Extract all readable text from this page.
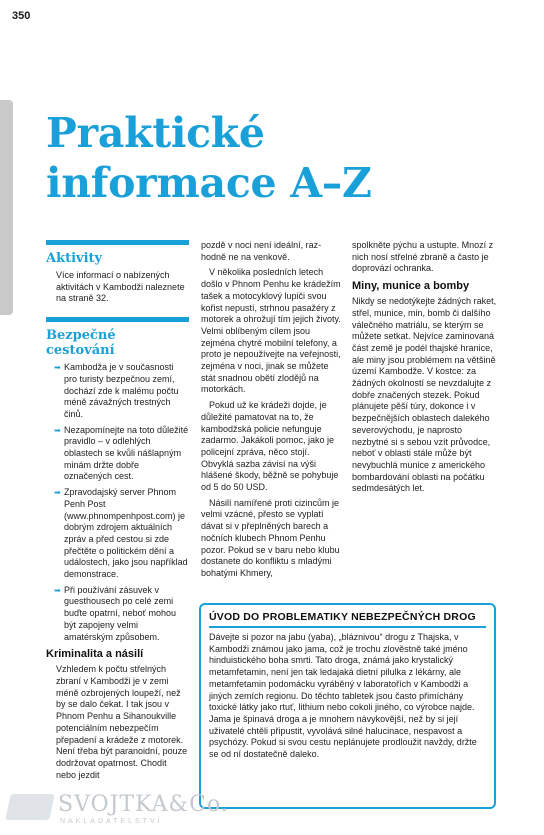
350
Praktické
informace A–Z
Aktivity
Více informací o nabízených aktivitách v Kambodži naleznete na straně 32.
Bezpečné
cestování
➡ Kambodža je v současnosti pro turisty bezpečnou zemí, dochází zde k malému počtu méně závažných trestných činů.
➡ Nezapomínejte na toto důležité pravidlo – v odlehlých oblastech se kvůli nášlapným minám držte dobře označených cest.
➡ Zpravodajský server Phnom Penh Post (www.phnompenhpost.com) je dobrým zdrojem aktuálních zpráv a před cestou si zde přečtěte o politickém dění a událostech, jako jsou například demonstrace.
➡ Při používání zásuvek v guesthousech po celé zemi buďte opatrní, neboť mohou být zapojeny velmi amatérským způsobem.
Kriminalita a násilí
Vzhledem k počtu střelných zbraní v Kambodži je v zemi méně ozbrojených loupeží, než by se dalo čekat. I tak jsou v Phnom Penhu a Sihanoukville potenciálním nebezpečím přepadení a krádeže z motorek. Není třeba být paranoidní, pouze dodržovat opatrnost. Chodit nebo jezdit
pozdě v noci není ideální, raz-hodně ne na venkově.
V několika posledních letech došlo v Phnom Penhu ke krádežím tašek a motocyklový lupiči svou kořist nepustí, strhnou pasažéry z motorek a ohrožují tím jejich životy. Velmi oblíbeným cílem jsou zejména chytré mobilní telefony, a proto je nepoužívejte na veřejnosti, zejména v noci, jinak se můžete stát snadnou obětí zlodějů na motorkách.
Pokud už ke krádeži dojde, je důležité pamatovat na to, že kambodžská policie nefunguje zadarmo. Jakákoli pomoc, jako je policejní zpráva, něco stojí. Obvyklá sazba závisí na výši hlášené škody, běžně se pohybuje od 5 do 50 USD.
Násilí namířené proti cizincům je velmi vzácné, přesto se vyplatí dávat si v přeplněných barech a nočních klubech Phnom Penhu pozor. Pokud se v baru nebo klubu dostanete do konfliktu s mladými bohatými Khmery,
spolkněte pýchu a ustupte. Mnozí z nich nosí střelné zbraně a často je doprovází ochranka.
Miny, munice a bomby
Nikdy se nedotýkejte žádných raket, střel, munice, min, bomb či dalšího válečného matriálu, se kterým se můžete setkat. Nejvíce zaminovaná část země je podél thajské hranice, ale miny jsou problémem na většině území Kambodže. V kostce: za žádných okolností se nevzdalujte z dobře značených stezek. Pokud plánujete pěší túry, dokonce i v bezpečnějších oblastech dalekého severovýchodu, je naprosto nezbytné si s sebou vzít průvodce, neboť v oblasti stále může být nevybuchlá munice z amerického bombardování oblasti na počátku sedmdesátých let.
ÚVOD DO PROBLEMATIKY NEBEZPEČNÝCH DROG
Dávejte si pozor na jabu (yaba), „bláznivou“ drogu z Thajska, v Kambodži známou jako jama, což je trochu zlověstně také jméno hinduistického boha smrti. Tato droga, známá jako krystalický metamfetamin, není jen tak ledajaká dietní pilulka z lékárny, ale metamfetamin podomácku vyráběný v laboratořích v Kambodži a jiných zemích regionu. Do těchto tabletek jsou často přimíchány toxické látky jako rtuť, lithium nebo cokoli jiného, co výrobce najde. Jama je špinavá droga a je mnohem návykovější, než by si její uživatelé chtěli připustit, vyvolává silné halucinace, nespavost a psychózy. Pokud si svou cestu neplánujete prodloužit navždy, držte se od ní dostatečně daleko.
SVOJTKA&Co.
NAKLADATELSTVÍ
